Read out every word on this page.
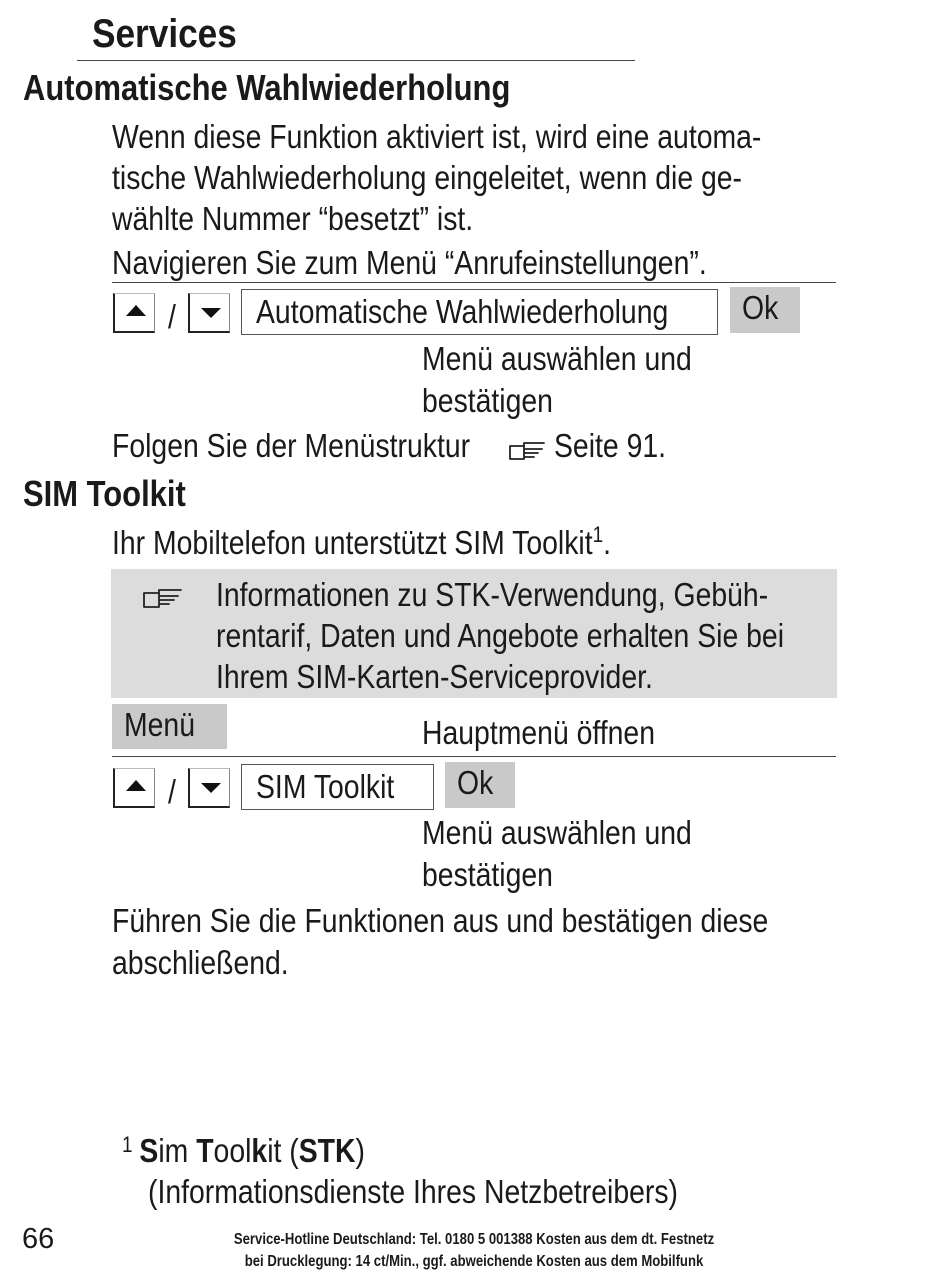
Services
Automatische Wahlwiederholung
Wenn diese Funktion aktiviert ist, wird eine automa-
tische Wahlwiederholung eingeleitet, wenn die ge-
wählte Nummer “besetzt” ist.
Navigieren Sie zum Menü “Anrufeinstellungen”.
/ Automatische Wahlwiederholung Ok
Menü auswählen und
bestätigen
Folgen Sie der Menüstruktur	Seite 91.
SIM Toolkit
Ihr Mobiltelefon unterstützt SIM Toolkit$^1$.
Informationen zu STK-Verwendung, Gebüh-
rentarif, Daten und Angebote erhalten Sie bei
Ihrem SIM-Karten-Serviceprovider.
Menü	Hauptmenü öffnen
/ SIM Toolkit Ok
Menü auswählen und
bestätigen
Führen Sie die Funktionen aus und bestätigen diese
abschließend.
$^1$ Sim Toolkit (STK)
(Informationsdienste Ihres Netzbetreibers)
66	Service-Hotline Deutschland: Tel. 0180 5 001388 Kosten aus dem dt. Festnetz
bei Drucklegung: 14 ct/Min., ggf. abweichende Kosten aus dem Mobilfunk
